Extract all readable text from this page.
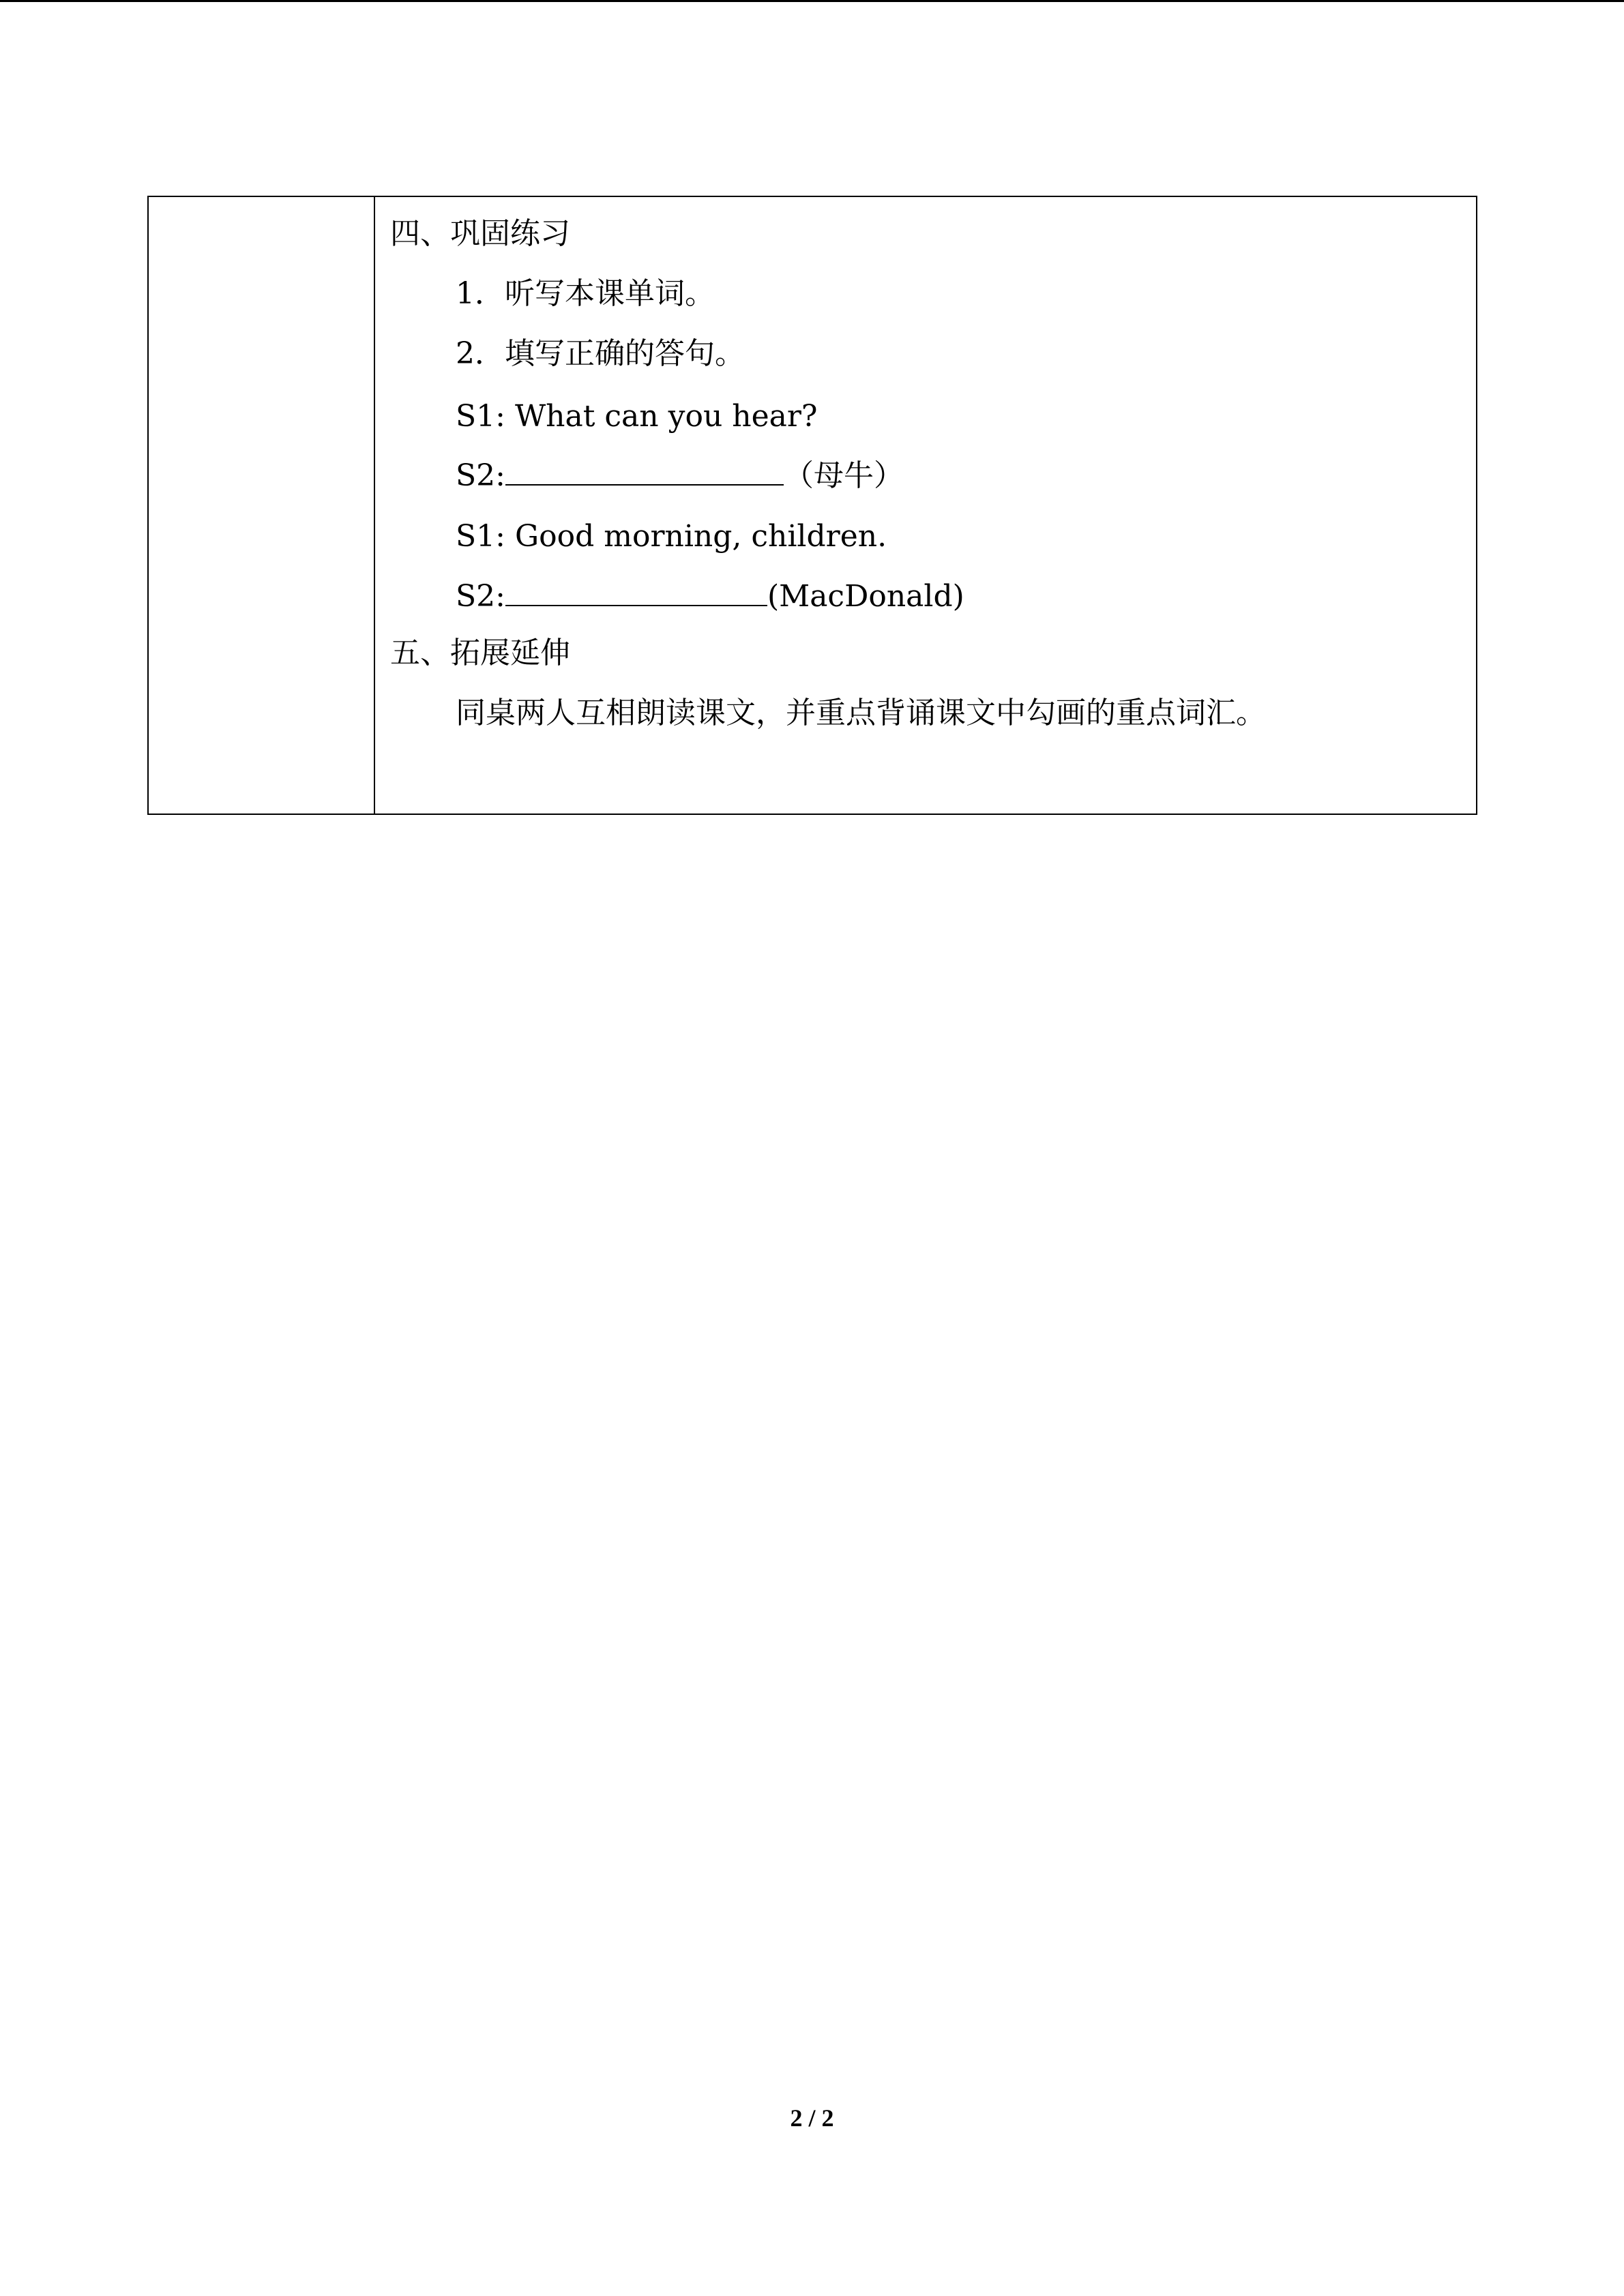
四、巩固练习
1．听写本课单词。
2．填写正确的答句。
S1: What can you hear?
S2:	（母牛）
S1: Good morning, children.
S2:	(MacDonald)
五、拓展延伸
同桌两人互相朗读课文，并重点背诵课文中勾画的重点词汇。
2 / 2
